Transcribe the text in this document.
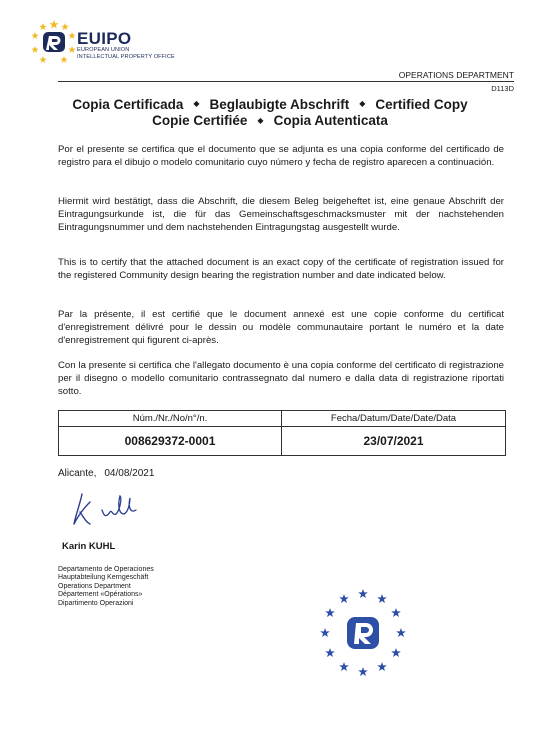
EUIPO
EUROPEAN UNION
INTELLECTUAL PROPERTY OFFICE
OPERATIONS DEPARTMENT
D113D
Copia Certificada ◆ Beglaubigte Abschrift ◆ Certified Copy
Copie Certifiée ◆ Copia Autenticata
Por el presente se certifica que el documento que se adjunta es una copia conforme del certificado de registro para el dibujo o modelo comunitario cuyo número y fecha de registro aparecen a continuación.
Hiermit wird bestätigt, dass die Abschrift, die diesem Beleg beigeheftet ist, eine genaue Abschrift der Eintragungsurkunde ist, die für das Gemeinschaftsgeschmacksmuster mit der nachstehenden Eintragungsnummer und dem nachstehenden Eintragungstag ausgestellt wurde.
This is to certify that the attached document is an exact copy of the certificate of registration issued for the registered Community design bearing the registration number and date indicated below.
Par la présente, il est certifié que le document annexé est une copie conforme du certificat d'enregistrement délivré pour le dessin ou modèle communautaire portant le numéro et la date d'enregistrement qui figurent ci-après.
Con la presente si certifica che l'allegato documento è una copia conforme del certificato di registrazione per il disegno o modello comunitario contrassegnato dal numero e dalla data di registrazione riportati sotto.
Núm./Nr./No/n°/n.	Fecha/Datum/Date/Date/Data
008629372-0001	23/07/2021
Alicante, 04/08/2021
Karin KUHL
Departamento de Operaciones
Hauptabteilung Kerngeschäft
Operations Department
Département «Opérations»
Dipartimento Operazioni
